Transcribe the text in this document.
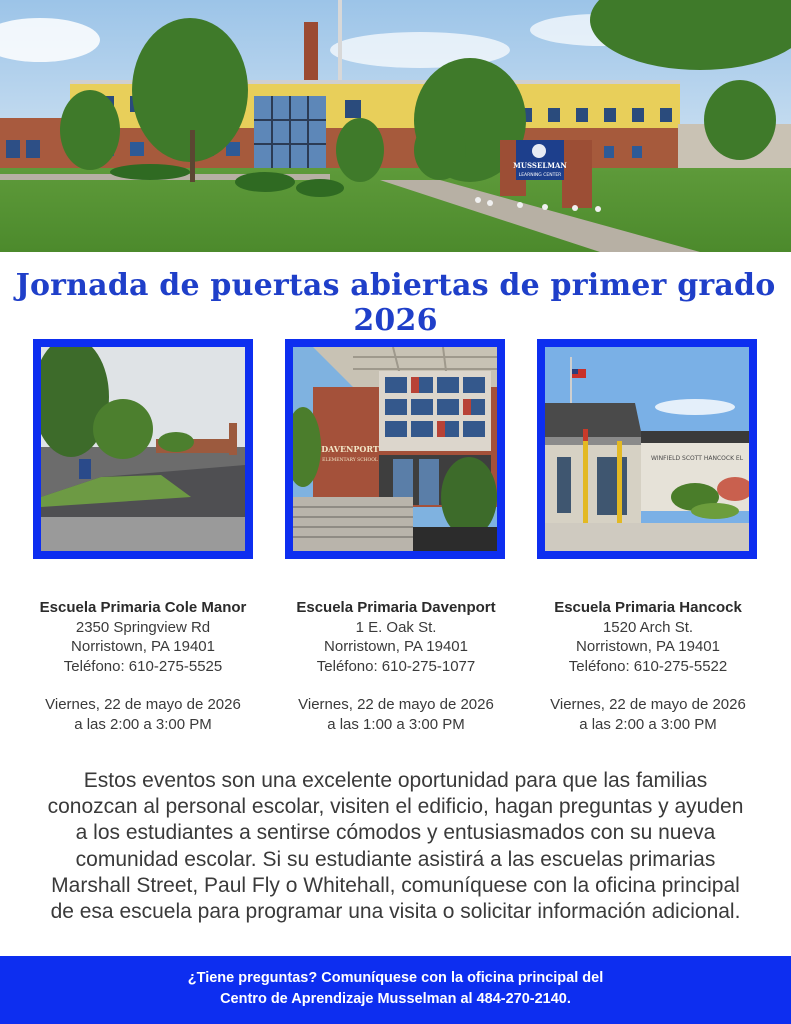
MUSSELMAN
LEARNING CENTER
Jornada de puertas abiertas de primer grado 2026
DAVENPORT
ELEMENTARY SCHOOL	WINFIELD SCOTT HANCOCK EL
Escuela Primaria Cole Manor
2350 Springview Rd
Norristown, PA 19401
Teléfono: 610-275-5525
Viernes, 22 de mayo de 2026
a las 2:00 a 3:00 PM
Escuela Primaria Davenport
1 E. Oak St.
Norristown, PA 19401
Teléfono: 610-275-1077
Viernes, 22 de mayo de 2026
a las 1:00 a 3:00 PM
Escuela Primaria Hancock
1520 Arch St.
Norristown, PA 19401
Teléfono: 610-275-5522
Viernes, 22 de mayo de 2026
a las 2:00 a 3:00 PM

Estos eventos son una excelente oportunidad para que las familias conozcan al personal escolar, visiten el edificio, hagan preguntas y ayuden a los estudiantes a sentirse cómodos y entusiasmados con su nueva comunidad escolar. Si su estudiante asistirá a las escuelas primarias Marshall Street, Paul Fly o Whitehall, comuníquese con la oficina principal de esa escuela para programar una visita o solicitar información adicional.

¿Tiene preguntas? Comuníquese con la oficina principal del
Centro de Aprendizaje Musselman al 484-270-2140.
